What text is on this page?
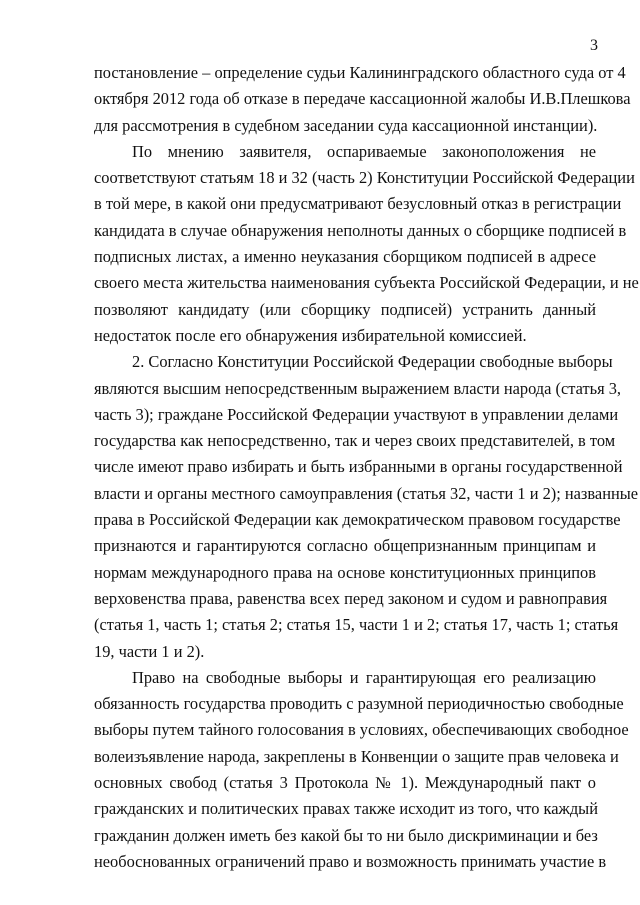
3
постановление – определение судьи Калининградского областного суда от 4
октября 2012 года об отказе в передаче кассационной жалобы И.В.Плешкова
для рассмотрения в судебном заседании суда кассационной инстанции).
По мнению заявителя, оспариваемые законоположения не
соответствуют статьям 18 и 32 (часть 2) Конституции Российской Федерации
в той мере, в какой они предусматривают безусловный отказ в регистрации
кандидата в случае обнаружения неполноты данных о сборщике подписей в
подписных листах, а именно неуказания сборщиком подписей в адресе
своего места жительства наименования субъекта Российской Федерации, и не
позволяют кандидату (или сборщику подписей) устранить данный
недостаток после его обнаружения избирательной комиссией.
2. Согласно Конституции Российской Федерации свободные выборы
являются высшим непосредственным выражением власти народа (статья 3,
часть 3); граждане Российской Федерации участвуют в управлении делами
государства как непосредственно, так и через своих представителей, в том
числе имеют право избирать и быть избранными в органы государственной
власти и органы местного самоуправления (статья 32, части 1 и 2); названные
права в Российской Федерации как демократическом правовом государстве
признаются и гарантируются согласно общепризнанным принципам и
нормам международного права на основе конституционных принципов
верховенства права, равенства всех перед законом и судом и равноправия
(статья 1, часть 1; статья 2; статья 15, части 1 и 2; статья 17, часть 1; статья
19, части 1 и 2).
Право на свободные выборы и гарантирующая его реализацию
обязанность государства проводить с разумной периодичностью свободные
выборы путем тайного голосования в условиях, обеспечивающих свободное
волеизъявление народа, закреплены в Конвенции о защите прав человека и
основных свобод (статья 3 Протокола № 1). Международный пакт о
гражданских и политических правах также исходит из того, что каждый
гражданин должен иметь без какой бы то ни было дискриминации и без
необоснованных ограничений право и возможность принимать участие в
